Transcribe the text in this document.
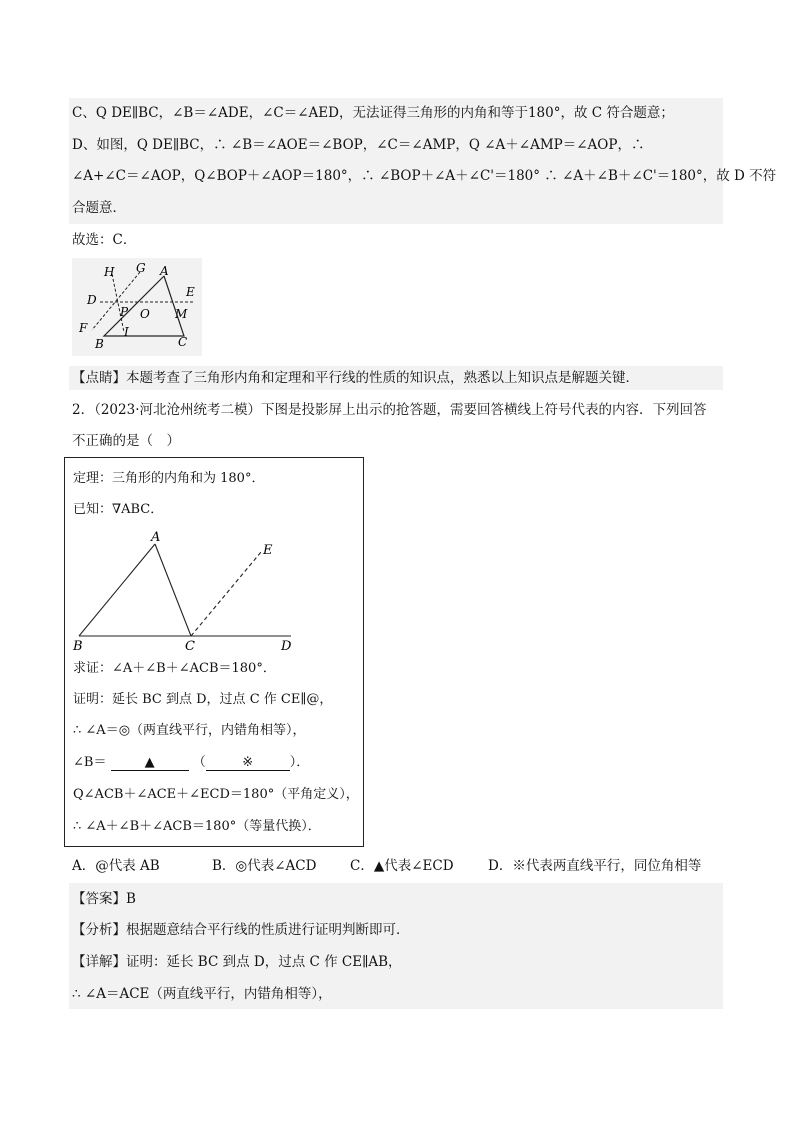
C、Q DE∥BC，∠B＝∠ADE，∠C＝∠AED，无法证得三角形的内角和等于180°，故 C 符合题意；
D、如图，Q DE∥BC，∴ ∠B＝∠AOE＝∠BOP，∠C＝∠AMP，Q ∠A＋∠AMP＝∠AOP，∴
∠A+∠C＝∠AOP，Q∠BOP＋∠AOP＝180°，∴ ∠BOP＋∠A＋∠C'＝180° ∴ ∠A＋∠B＋∠C'＝180°，故 D 不符
合题意．
故选：C．
H G A
D
E
P O M
F	I
B	C
【点睛】本题考查了三角形内角和定理和平行线的性质的知识点，熟悉以上知识点是解题关键．
2．（2023·河北沧州统考二模）下图是投影屏上出示的抢答题，需要回答横线上符号代表的内容．下列回答
不正确的是（　）
定理：三角形的内角和为 180°．
已知：∇ABC．
A
B	C	D
E
求证：∠A＋∠B＋∠ACB＝180°．
证明：延长 BC 到点 D，过点 C 作 CE∥@，
∴ ∠A＝◎（两直线平行，内错角相等），
∠B＝	▲	（	※	）．
Q∠ACB＋∠ACE＋∠ECD＝180°（平角定义），
∴ ∠A＋∠B＋∠ACB＝180°（等量代换）．
A．@代表 AB	B．◎代表∠ACD C．▲代表∠ECD	D．※代表两直线平行，同位角相等
【答案】B
【分析】根据题意结合平行线的性质进行证明判断即可．
【详解】证明：延长 BC 到点 D，过点 C 作 CE∥AB，
∴ ∠A＝ACE（两直线平行，内错角相等），
